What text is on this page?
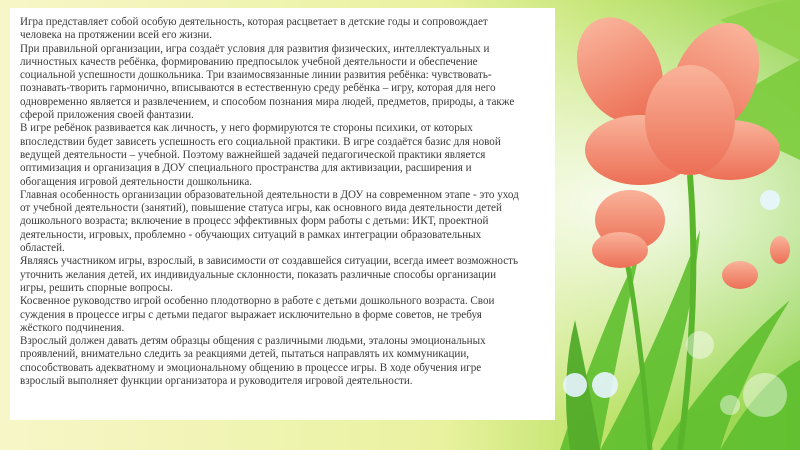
Игра представляет собой особую деятельность, которая расцветает в детские годы и сопровождает
человека на протяжении всей его жизни.

При правильной организации, игра создаёт условия для развития физических, интеллектуальных и
личностных качеств ребёнка, формированию предпосылок учебной деятельности и обеспечение
социальной успешности дошкольника. Три взаимосвязанные линии развития ребёнка: чувствовать-
познавать-творить гармонично, вписываются в естественную среду ребёнка – игру, которая для него
одновременно является и развлечением, и способом познания мира людей, предметов, природы, а также
сферой приложения своей фантазии.

В игре ребёнок развивается как личность, у него формируются те стороны психики, от которых
впоследствии будет зависеть успешность его социальной практики. В игре создаётся базис для новой
ведущей деятельности – учебной. Поэтому важнейшей задачей педагогической практики является
оптимизация и организация в ДОУ специального пространства для активизации, расширения и
обогащения игровой деятельности дошкольника.

Главная особенность организации образовательной деятельности в ДОУ на современном этапе - это уход
от учебной деятельности (занятий), повышение статуса игры, как основного вида деятельности детей
дошкольного возраста; включение в процесс эффективных форм работы с детьми: ИКТ, проектной
деятельности, игровых, проблемно - обучающих ситуаций в рамках интеграции образовательных
областей.

Являясь участником игры, взрослый, в зависимости от создавшейся ситуации, всегда имеет возможность
уточнить желания детей, их индивидуальные склонности, показать различные способы организации
игры, решить спорные вопросы.

Косвенное руководство игрой особенно плодотворно в работе с детьми дошкольного возраста. Свои
суждения в процессе игры с детьми педагог выражает исключительно в форме советов, не требуя
жёсткого подчинения.

Взрослый должен давать детям образцы общения с различными людьми, эталоны эмоциональных
проявлений, внимательно следить за реакциями детей, пытаться направлять их коммуникации,
способствовать адекватному и эмоциональному общению в процессе игры. В ходе обучения игре
взрослый выполняет функции организатора и руководителя игровой деятельности.
